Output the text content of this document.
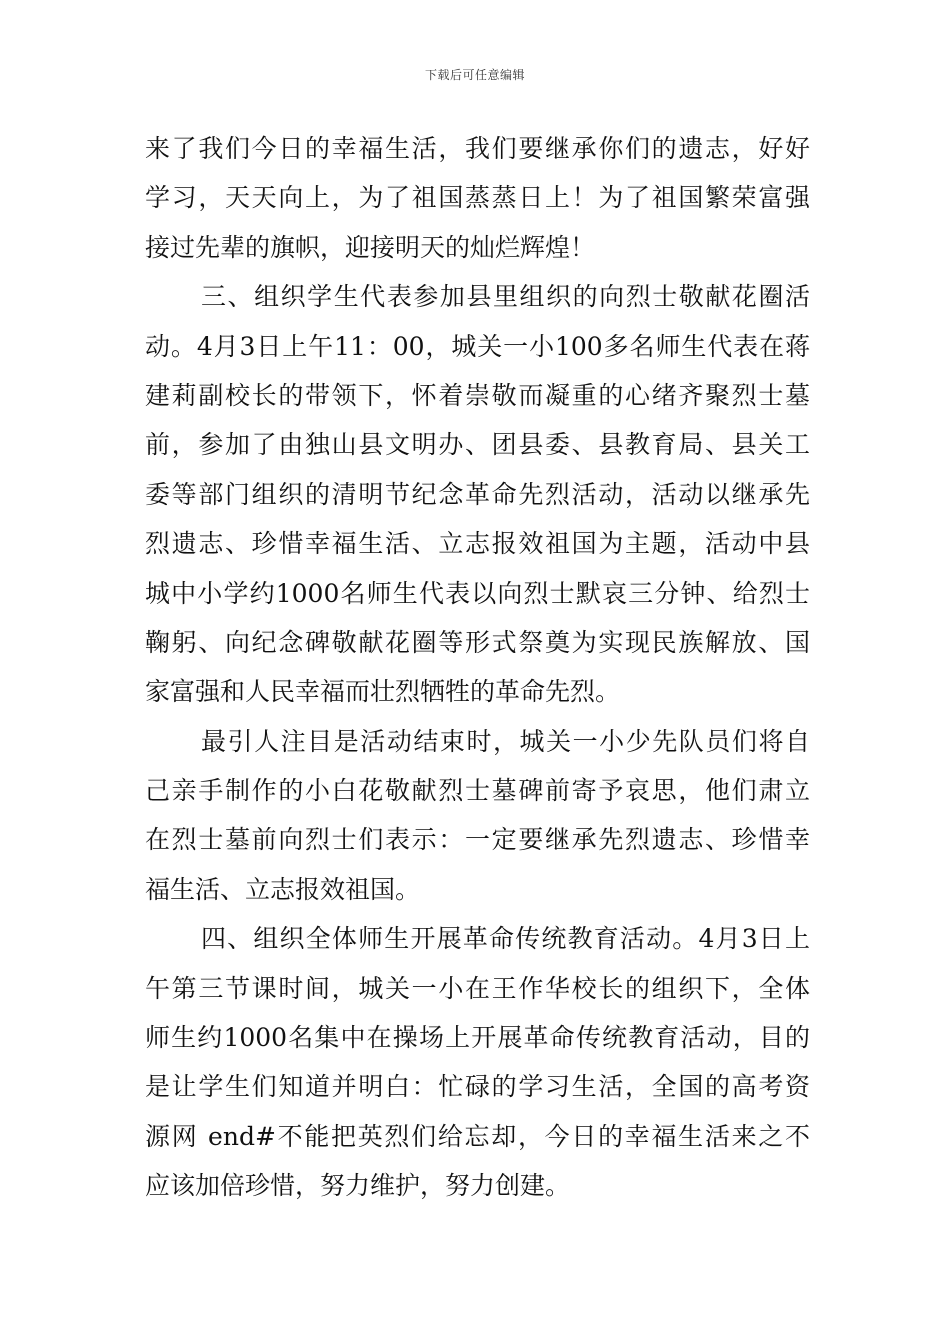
下载后可任意编辑
来了我们今日的幸福生活，我们要继承你们的遗志，好好
学习，天天向上，为了祖国蒸蒸日上！为了祖国繁荣富强
接过先辈的旗帜，迎接明天的灿烂辉煌！
三、组织学生代表参加县里组织的向烈士敬献花圈活
动。4月3日上午11：00，城关一小100多名师生代表在蒋
建莉副校长的带领下，怀着崇敬而凝重的心绪齐聚烈士墓
前，参加了由独山县文明办、团县委、县教育局、县关工
委等部门组织的清明节纪念革命先烈活动，活动以继承先
烈遗志、珍惜幸福生活、立志报效祖国为主题，活动中县
城中小学约1000名师生代表以向烈士默哀三分钟、给烈士
鞠躬、向纪念碑敬献花圈等形式祭奠为实现民族解放、国
家富强和人民幸福而壮烈牺牲的革命先烈。
最引人注目是活动结束时，城关一小少先队员们将自
己亲手制作的小白花敬献烈士墓碑前寄予哀思，他们肃立
在烈士墓前向烈士们表示：一定要继承先烈遗志、珍惜幸
福生活、立志报效祖国。
四、组织全体师生开展革命传统教育活动。4月3日上
午第三节课时间，城关一小在王作华校长的组织下，全体
师生约1000名集中在操场上开展革命传统教育活动，目的
是让学生们知道并明白：忙碌的学习生活，全国的高考资
源网 end#不能把英烈们给忘却，今日的幸福生活来之不
应该加倍珍惜，努力维护，努力创建。
